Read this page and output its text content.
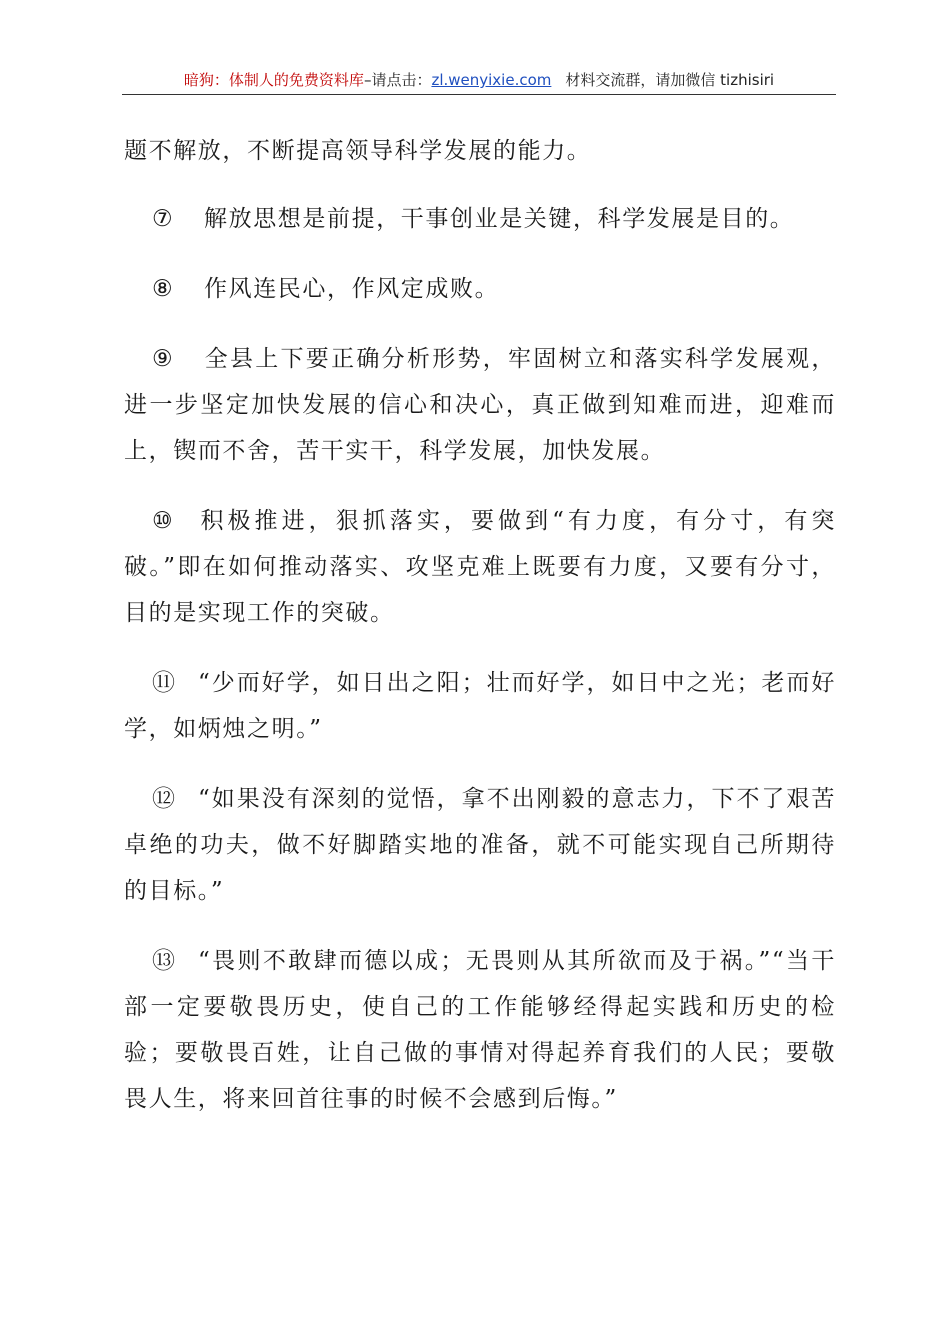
暗狗：体制人的免费资料库–请点击：zl.wenyixie.com 材料交流群，请加微信 tizhisiri

题不解放，不断提高领导科学发展的能力。

⑦ 解放思想是前提，干事创业是关键，科学发展是目的。

⑧ 作风连民心，作风定成败。

⑨ 全县上下要正确分析形势，牢固树立和落实科学发展观，进一步坚定加快发展的信心和决心，真正做到知难而进，迎难而上，锲而不舍，苦干实干，科学发展，加快发展。

⑩ 积极推进，狠抓落实，要做到“有力度，有分寸，有突破。”即在如何推动落实、攻坚克难上既要有力度，又要有分寸，目的是实现工作的突破。

⑪ “少而好学，如日出之阳；壮而好学，如日中之光；老而好学，如炳烛之明。”

⑫ “如果没有深刻的觉悟，拿不出刚毅的意志力，下不了艰苦卓绝的功夫，做不好脚踏实地的准备，就不可能实现自己所期待的目标。”

⑬ “畏则不敢肆而德以成；无畏则从其所欲而及于祸。”“当干部一定要敬畏历史，使自己的工作能够经得起实践和历史的检验；要敬畏百姓，让自己做的事情对得起养育我们的人民；要敬畏人生，将来回首往事的时候不会感到后悔。”
